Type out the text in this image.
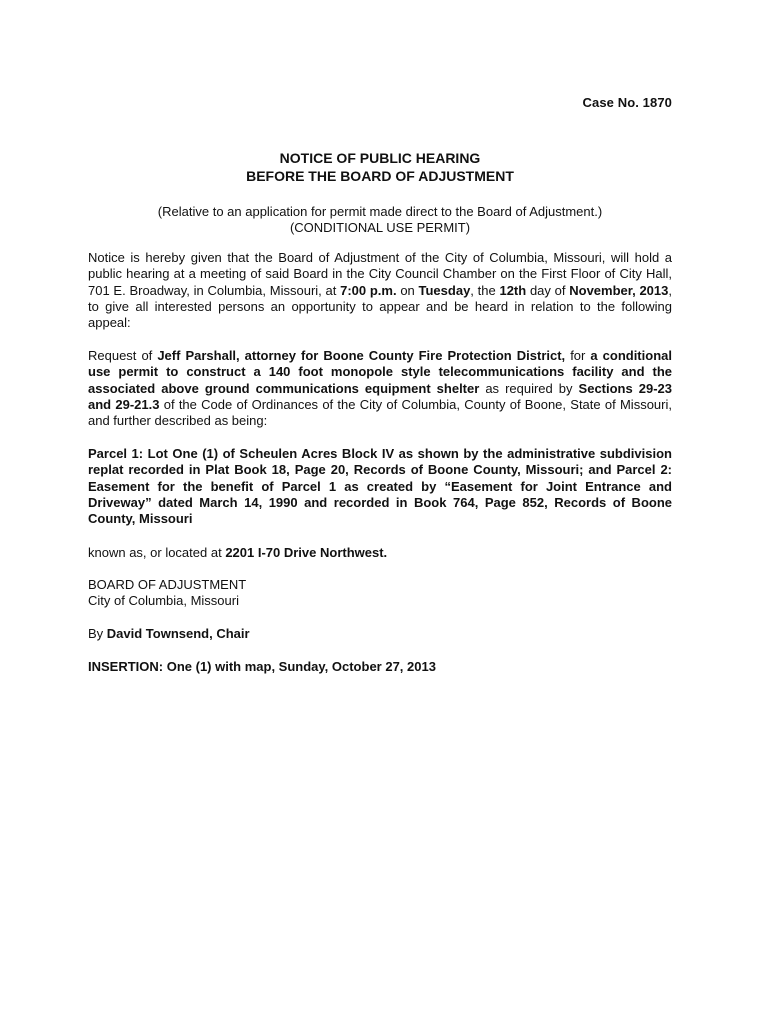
Case No. 1870
NOTICE OF PUBLIC HEARING
BEFORE THE BOARD OF ADJUSTMENT
(Relative to an application for permit made direct to the Board of Adjustment.)
(CONDITIONAL USE PERMIT)
Notice is hereby given that the Board of Adjustment of the City of Columbia, Missouri, will hold a public hearing at a meeting of said Board in the City Council Chamber on the First Floor of City Hall, 701 E. Broadway, in Columbia, Missouri, at 7:00 p.m. on Tuesday, the 12th day of November, 2013, to give all interested persons an opportunity to appear and be heard in relation to the following appeal:
Request of Jeff Parshall, attorney for Boone County Fire Protection District, for a conditional use permit to construct a 140 foot monopole style telecommunications facility and the associated above ground communications equipment shelter as required by Sections 29-23 and 29-21.3 of the Code of Ordinances of the City of Columbia, County of Boone, State of Missouri, and further described as being:
Parcel 1: Lot One (1) of Scheulen Acres Block IV as shown by the administrative subdivision replat recorded in Plat Book 18, Page 20, Records of Boone County, Missouri; and Parcel 2: Easement for the benefit of Parcel 1 as created by “Easement for Joint Entrance and Driveway” dated March 14, 1990 and recorded in Book 764, Page 852, Records of Boone County, Missouri
known as, or located at 2201 I-70 Drive Northwest.
BOARD OF ADJUSTMENT
City of Columbia, Missouri
By David Townsend, Chair
INSERTION: One (1) with map, Sunday, October 27, 2013
